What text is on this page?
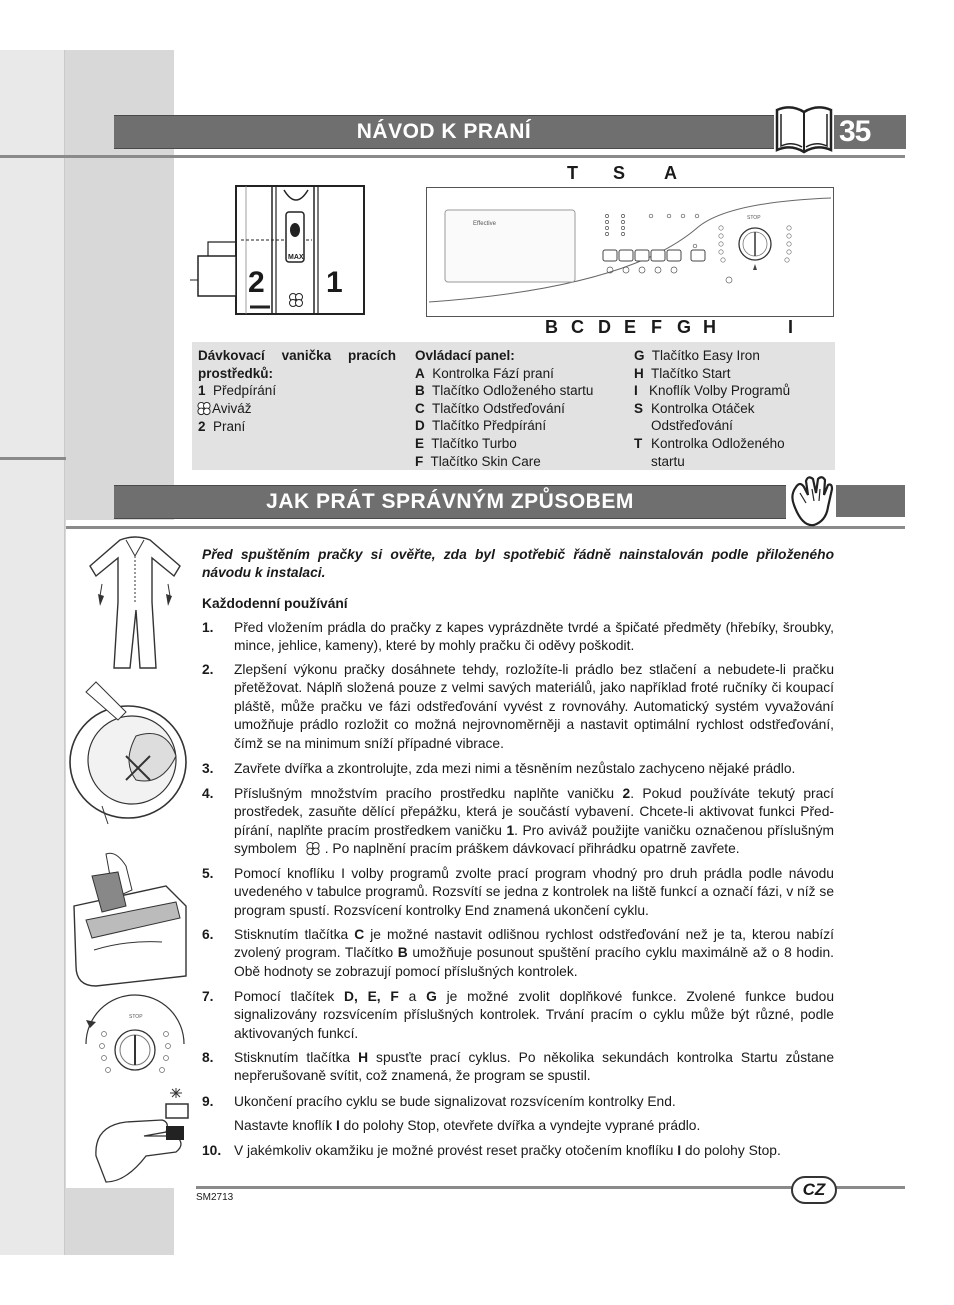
NÁVOD K PRANÍ	35
2 1
MAX
T S A
Effective
STOP
B C D E F G H	I
Dávkovací vanička pracích prostředků:
1 Předpírání
Aviváž
2 Praní
Ovládací panel:
A Kontrolka Fází praní
B Tlačítko Odloženého startu
C Tlačítko Odstřeďování
D Tlačítko Předpírání
E Tlačítko Turbo
F Tlačítko Skin Care
G Tlačítko Easy Iron
H Tlačítko Start
I Knoflík Volby Programů
S Kontrolka Otáček Odstřeďování
T Kontrolka Odloženého startu
JAK PRÁT SPRÁVNÝM ZPŮSOBEM
STOP
Před spuštěním pračky si ověřte, zda byl spotřebič řádně nainstalován podle přiloženého návodu k instalaci.
Každodenní používání
1.	Před vložením prádla do pračky z kapes vyprázdněte tvrdé a špičaté předměty (hřebíky, šroubky, mince, jehlice, kameny), které by mohly pračku či oděvy poškodit.
2.	Zlepšení výkonu pračky dosáhnete tehdy, rozložíte-li prádlo bez stlačení a nebudete-li pračku přetěžovat. Náplň složená pouze z velmi savých materiálů, jako například froté ručníky či koupací pláště, může pračku ve fázi odstřeďování vyvést z rovnováhy. Automatický systém vyvažování umožňuje prádlo rozložit co možná nejrovnoměrněji a nastavit optimální rychlost odstřeďování, čímž se na minimum sníží případné vibrace.
3.	Zavřete dvířka a zkontrolujte, zda mezi nimi a těsněním nezůstalo zachyceno nějaké prádlo.
4.	Příslušným množstvím pracího prostředku naplňte vaničku 2. Pokud používáte tekutý prací prostředek, zasuňte dělící přepážku, která je součástí vybavení. Chcete-li aktivovat funkci Před-pírání, naplňte pracím prostředkem vaničku 1. Pro aviváž použijte vaničku označenou příslušným symbolem . Po naplnění pracím práškem dávkovací přihrádku opatrně zavřete.
5.	Pomocí knoflíku I volby programů zvolte prací program vhodný pro druh prádla podle návodu uvedeného v tabulce programů. Rozsvítí se jedna z kontrolek na liště funkcí a označí fázi, v níž se program spustí. Rozsvícení kontrolky End znamená ukončení cyklu.
6.	Stisknutím tlačítka C je možné nastavit odlišnou rychlost odstřeďování než je ta, kterou nabízí zvolený program. Tlačítko B umožňuje posunout spuštění pracího cyklu maximálně až o 8 hodin. Obě hodnoty se zobrazují pomocí příslušných kontrolek.
7.	Pomocí tlačítek D, E, F a G je možné zvolit doplňkové funkce. Zvolené funkce budou signalizovány rozsvícením příslušných kontrolek. Trvání pracím o cyklu může být různé, podle aktivovaných funkcí.
8.	Stisknutím tlačítka H spusťte prací cyklus. Po několika sekundách kontrolka Startu zůstane nepřerušovaně svítit, což znamená, že program se spustil.
9.	Ukončení pracího cyklu se bude signalizovat rozsvícením kontrolky End.
Nastavte knoflík I do polohy Stop, otevřete dvířka a vyndejte vyprané prádlo.
10. V jakémkoliv okamžiku je možné provést reset pračky otočením knoflíku I do polohy Stop.
CZ
SM2713
